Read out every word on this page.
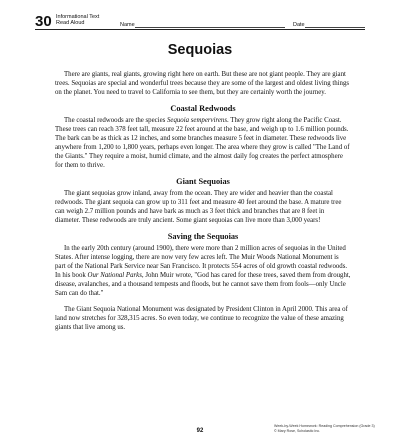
30 Informational Text
Read Aloud	Name	Date
Sequoias

There are giants, real giants, growing right here on earth. But these are not giant people. They are giant trees. Sequoias are special and wonderful trees because they are some of the largest and oldest living things on the planet. You need to travel to California to see them, but they are certainly worth the journey.

Coastal Redwoods

The coastal redwoods are the species Sequoia sempervirens. They grow right along the Pacific Coast. These trees can reach 378 feet tall, measure 22 feet around at the base, and weigh up to 1.6 million pounds. The bark can be as thick as 12 inches, and some branches measure 5 feet in diameter. These redwoods live anywhere from 1,200 to 1,800 years, perhaps even longer. The area where they grow is called "The Land of the Giants." They require a moist, humid climate, and the almost daily fog creates the perfect atmosphere for them to thrive.

Giant Sequoias

The giant sequoias grow inland, away from the ocean. They are wider and heavier than the coastal redwoods. The giant sequoia can grow up to 311 feet and measure 40 feet around the base. A mature tree can weigh 2.7 million pounds and have bark as much as 3 feet thick and branches that are 8 feet in diameter. These redwoods are truly ancient. Some giant sequoias can live more than 3,000 years!

Saving the Sequoias

In the early 20th century (around 1900), there were more than 2 million acres of sequoias in the United States. After intense logging, there are now very few acres left. The Muir Woods National Monument is part of the National Park Service near San Francisco. It protects 554 acres of old growth coastal redwoods. In his book Our National Parks, John Muir wrote, "God has cared for these trees, saved them from drought, disease, avalanches, and a thousand tempests and floods, but he cannot save them from fools—only Uncle Sam can do that."

The Giant Sequoia National Monument was designated by President Clinton in April 2000. This area of land now stretches for 328,315 acres. So even today, we continue to recognize the value of these amazing giants that live among us.

92
Week-by-Week Homework: Reading Comprehension (Grade 3)
© Mary Rose, Scholastic Inc.
